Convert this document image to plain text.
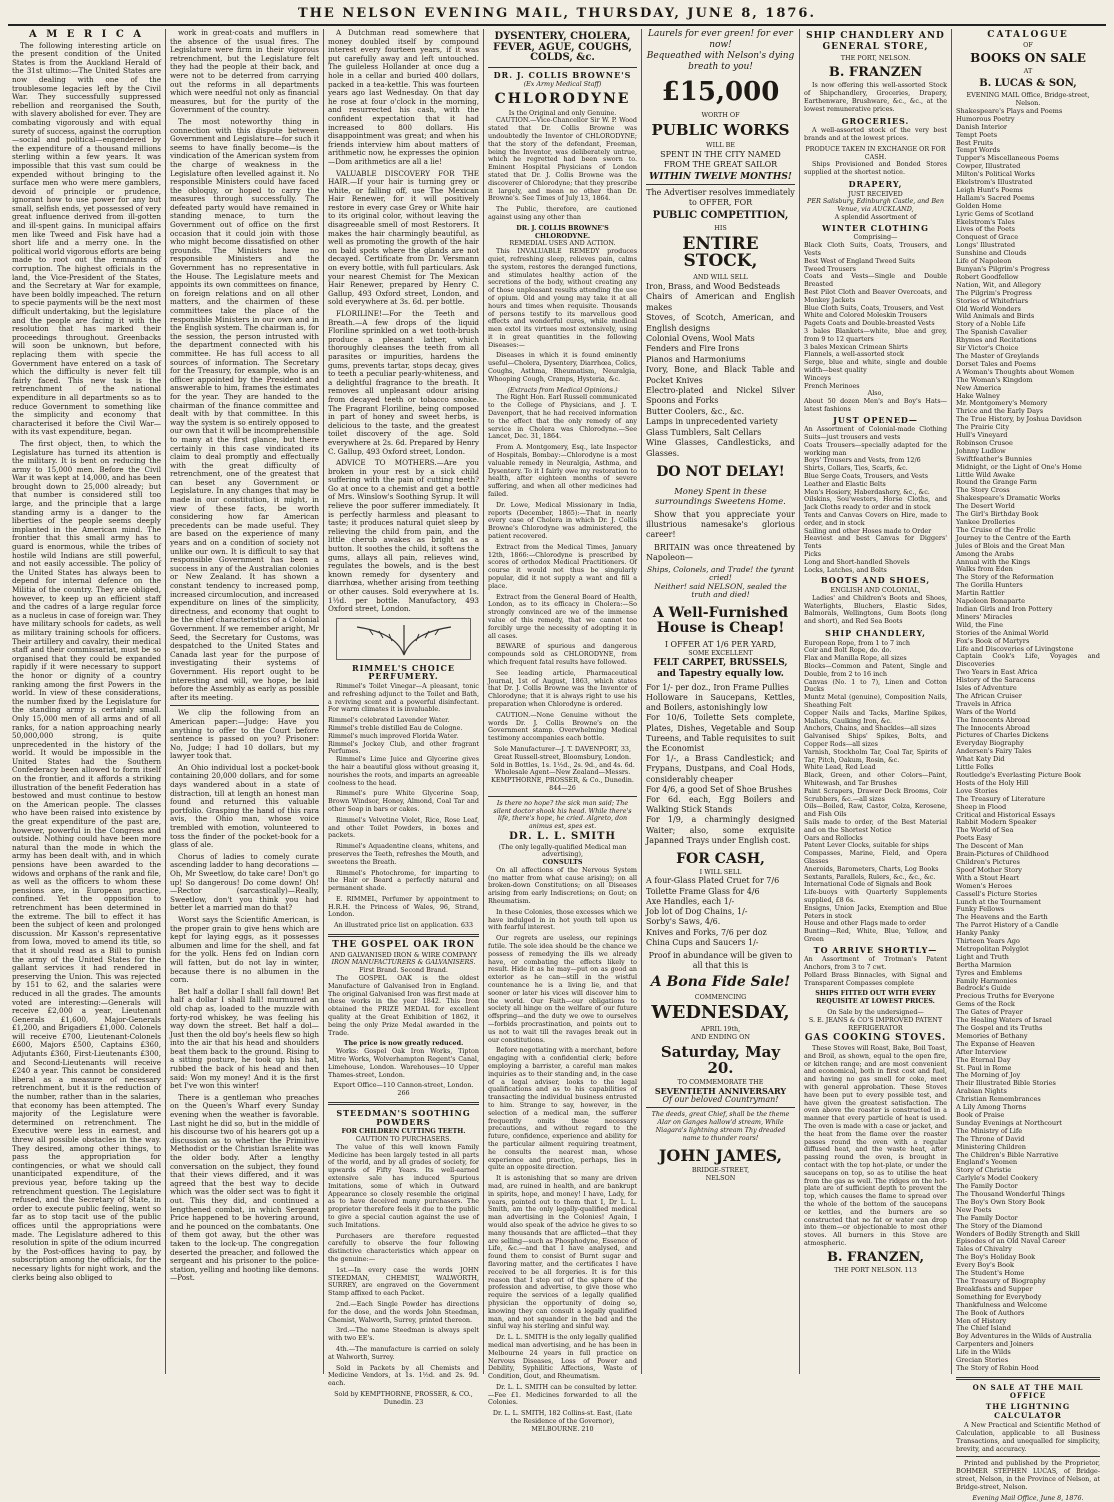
THE NELSON EVENING MAIL, THURSDAY, JUNE 8, 1876.
A M E R I C A
The following interesting article on the present condition of the United States is from the Auckland Herald of the 31st ultimo:—The United States are now dealing with one of the troublesome legacies left by the Civil War. They successfully suppressed rebellion and reorganised the South, with slavery abolished for ever. They are combating vigorously and with equal surety of success, against the corruption—social and political—engendered by the expenditure of a thousand millions sterling within a few years. It was impossible that this vast sum could be expended without bringing to the surface men who were mere gamblers, devoid of principle or prudence, ignorant how to use power for any but small, selfish ends, yet possessed of very great influence derived from ill-gotten and ill-spent gains. In municipal affairs men like Tweed and Fisk have had a short life and a merry one. In the political world vigorous efforts are being made to root out the remnants of corruption. The highest officials in the land, the Vice-President of the States, and the Secretary at War for example, have been boldly impeached. The return to specie payments will be the next most difficult undertaking, but the legislature and the people are facing it with the resolution that has marked their proceedings throughout. Greenbacks will soon be unknown, but before, replacing them with specie the Government have entered on a task of which the difficulty is never felt till fairly faced. This new task is the retrenchment of the national expenditure in all departments so as to reduce Government to something like the simplicity and economy that characterised it before the Civil War—with its vast expenditure, began.
The first object, then, to which the Legislature has turned its attention is the military. It is bent on reducing the army to 15,000 men. Before the Civil War it was kept at 14,000, and has been brought down to 25,000 already; but that number is considered still too large, and the principle that a large standing army is a danger to the liberties of the people seems deeply implanted in the American mind. The frontier that this small army has to guard is enormous, while the tribes of hostile wild Indians are still powerful, and not easily accessible. The policy of the United States has always been to depend for internal defence on the Militia of the country. They are obliged, however, to keep up an efficient staff and the cadres of a large regular force as a nucleus in case of foreign war. They have military schools for cadets, as well as military training schools for officers. Their artillery and cavalry, their medical staff and their commissariat, must be so organised that they could be expanded rapidly if it were necessary to support the honor or dignity of a country ranking among the first Powers in the world. In view of these considerations, the number fixed by the Legislature for the standing army is certainly small. Only 15,000 men of all arms and of all ranks, for a nation approaching nearly 50,000,000 strong, is quite unprecedented in the history of the world. It would be impossible in the United States had the Southern Confederacy been allowed to form itself on the frontier, and it affords a striking illustration of the benefit Federation has bestowed and must continue to bestow on the American people. The classes who have been raised into existence by the great expenditure of the past are, however, powerful in the Congress and outside. Nothing could have been more natural than the mode in which the army has been dealt with, and in which pensions have been awarded to the widows and orphans of the rank and file, as well as the officers to whom these pensions are, in European practice, confined. Yet the opposition to retrenchment has been determined in the extreme. The bill to effect it has been the subject of keen and prolonged discussion. Mr Kasson's representative from Iowa, moved to amend its title, so that it should read as a Bill to punish the army of the United States for the gallant services it had rendered in preserving the Union. This was rejected by 151 to 62, and the salaries were reduced in all the grades. The amounts voted are interesting:—Generals will receive £2,000 a year, Lieutenant Generals £1,600, Major-Generals £1,200, and Brigadiers £1,000. Colonels will receive £700, Lieutenant-Colonels £600, Majors £500, Captains £360, Adjutants £360, First-Lieutenants £300, and Second-Lieutenants will receive £240 a year. This cannot be considered liberal as a measure of necessary retrenchment, but it is the reduction of the number, rather than in the salaries, that economy has been attempted. The majority of the Legislature were determined on retrenchment. The Executive were less in earnest, and threw all possible obstacles in the way. They desired, among other things, to pass the appropriation for contingencies, or what we should call unanticipated expenditure, of the previous year, before taking up the retrenchment question. The Legislature refused, and the Secretary of State, in order to execute public feeling, went so far as to stop tacit use of the public offices until the appropriations were made. The Legislature adhered to this resolution in spite of the odium incurred by the Post-offices having to pay, by subscription among the officials, for the necessary lights for night work, and the clerks being also obliged to
work in great-coats and mufflers in the absence of the usual fires. The Legislature were firm in their vigorous retrenchment, but the Legislature felt they had the people at their back, and were not to be deterred from carrying out the reforms in all departments which were needful not only as financial measures, but for the purity of the Government of the country.
The most noteworthy thing in connection with this dispute between Government and Legislature—for such it seems to have finally become—is the vindication of the American system from the charge of weakness in the Legislature often levelled against it. No responsible Ministers could have faced the obloquy, or hoped to carry the measures through successfully. The defeated party would have remained in standing menace, to turn the Government out of office on the first occasion that it could join with those who might become dissatisfied on other grounds. The Ministers have no responsible Ministers and the Government has no representative in the House. The Legislature meets and appoints its own committees on finance, on foreign relations and on all other matters, and the chairmen of these committees take the place of the responsible Ministers in our own and in the English system. The chairman is, for the session, the person intrusted with the department connected with his committee. He has full access to all sources of information. The Secretary for the Treasury, for example, who is an officer appointed by the President and answerable to him, frames the estimates for the year. They are handed to the chairman of the finance committee and dealt with by that committee. In this way the system is so entirely opposed to our own that it will be incomprehensible to many at the first glance, but there certainly in this case vindicated its claim to deal promptly and effectually with the great difficulty of retrenchment, one of the greatest that can beset any Government or Legislature. In any changes that may be made in our constitution, it might, in view of these facts, be worth considering how far American precedents can be made useful. They are based on the experience of many years and on a condition of society not unlike our own. It is difficult to say that responsible Government has been a success in any of the Australian colonies or New Zealand. It has shown a constant tendency to increased pomp, increased circumlocution, and increased expenditure on lines of the simplicity, directness, and economy that ought to be the chief characteristics of a Colonial Government. If we remember aright, Mr Seed, the Secretary for Customs, was despatched to the United States and Canada last year for the purpose of investigating their systems of Government. His report ought to be interesting and will, we hope, be laid before the Assembly as early as possible after its meeting.
We clip the following from an American paper:—Judge: Have you anything to offer to the Court before sentence is passed on you? Prisoner: No, Judge; I had 10 dollars, but my lawyer took that.
An Ohio individual lost a pocket-book containing 20,000 dollars, and for some days wandered about in a state of distraction, till at length an honest man found and returned this valuable portfolio. Grasping the hand of this rara avis, the Ohio man, whose voice trembled with emotion, volunteered to toss the finder of the pocket-book for a glass of ale.
Chorus of ladies to comely curate ascending ladder to hang decorations —Oh, Mr Sweetlow, do take care! Don't go up! So dangerous! Do come down! Oh!—Rector (sarcastically)—Really, Sweetlow, don't you think you had better let a married man do that?
Worst says the Scientific American, is the proper grain to give hens which are kept for laying eggs, as it possesses albumen and lime for the shell, and fat for the yolk. Hens fed on Indian corn will fatten, but do not lay in winter, because there is no albumen in the corn.
Bet half a dollar I shall fall down! Bet half a dollar I shall fall! murmured an old chap as, loaded to the muzzle with forty-rod whiskey, he was feeling his way down the street. Bet half a dol— Just then the old boy's heels flew so high into the air that his head and shoulders beat them back to the ground. Rising to a sitting posture, he took up his hat, rubbed the back of his head and then said: Won my money! And it is the first bet I've won this winter!
There is a gentleman who preaches on the Queen's Wharf every Sunday evening when the weather is favorable. Last night he did so, but in the middle of his discourse two of his hearers got up a discussion as to whether the Primitive Methodist or the Christian Israelite was the older body. After a lengthy conversation on the subject, they found that their views differed, and it was agreed that the best way to decide which was the older sect was to fight it out. This they did, and continued a lengthened combat, in which Sergeant Price happened to be hovering around, and he pounced on the combatants. One of them got away, but the other was taken to the lock-up. The congregation deserted the preacher, and followed the sergeant and his prisoner to the police-station, yelling and hooting like demons.—Post.
A Dutchman read somewhere that money doubled itself by compound interest every fourteen years, if it was put carefully away and left untouched. The guileless Hollander at once dug a hole in a cellar and buried 400 dollars, packed in a tea-kettle. This was fourteen years ago last Wednesday. On that day he rose at four o'clock in the morning, and resurrected his cash, with the confident expectation that it had increased to 800 dollars. His disappointment was great; and when his friends interview him about matters of arithmetic now, he expresses the opinion—Dom arithmetics are all a lie!
VALUABLE DISCOVERY FOR THE HAIR.—If your hair is turning grey or white, or falling off, use The Mexican Hair Renewer, for it will positively restore in every case Grey or White hair to its original color, without leaving the disagreeable smell of most Restorers. It makes the hair charmingly beautiful, as well as promoting the growth of the hair on bald spots where the glands are not decayed. Certificate from Dr. Versmann on every bottle, with full particulars. Ask your nearest Chemist for The Mexican Hair Renewer, prepared by Henry C. Gallup, 493 Oxford street, London, and sold everywhere at 3s. 6d. per bottle.
FLORILINE!—For the Teeth and Breath.—A few drops of the liquid Floriline sprinkled on a wet tooth-brush produce a pleasant lather, which thoroughly cleanses the teeth from all parasites or impurities, hardens the gums, prevents tartar, stops decay, gives to teeth a peculiar pearly-whiteness, and a delightful fragrance to the breath. It removes all unpleasant odour arising from decayed teeth or tobacco smoke. The Fragrant Floriline, being composed in part of honey and sweet herbs, is delicious to the taste, and the greatest toilet discovery of the age. Sold everywhere at 2s. 6d. Prepared by Henry C. Gallup, 493 Oxford street, London.
ADVICE TO MOTHERS.—Are you broken in your rest by a sick child suffering with the pain of cutting teeth? Go at once to a chemist and get a bottle of Mrs. Winslow's Soothing Syrup. It will relieve the poor sufferer immediately. It is perfectly harmless and pleasant to taste; it produces natural quiet sleep by relieving the child from pain, and the little cherub awakes as bright as a button. It soothes the child, it softens the gums, allays all pain, relieves wind, regulates the bowels, and is the best known remedy for dysentery and diarrhœa, whether arising from teething or other causes. Sold everywhere at 1s. 1½d. per bottle. Manufactory, 493 Oxford street, London.
RIMMEL'S CHOICE PERFUMERY.
Rimmel's Toilet Vinegar—A pleasant, tonic and refreshing adjunct to the Toilet and Bath, a reviving scent and a powerful disinfectant. For warm climates it is invaluable.
Rimmel's celebrated Lavender Water.
Rimmel's treble distilled Eau de Cologne.
Rimmel's much improved Florida Water.
Rimmel's Jockey Club, and other fragrant Perfumes.
Rimmel's Lime Juice and Glycerine gives the hair a beautiful gloss without greasing it, nourishes the roots, and imparts an agreeable coolness to the head.
Rimmel's pure White Glycerine Soap, Brown Windsor, Honey, Almond, Coal Tar and other Soap in bars or cakes.
Rimmel's Velvetine Violet, Rice, Rose Leaf, and other Toilet Powders, in boxes and packets.
Rimmel's Aquadentine cleans, whitens, and preserves the Teeth, refreshes the Mouth, and sweetens the Breath.
Rimmel's Photochrome, for imparting to the Hair or Beard a perfectly natural and permanent shade.
E. RIMMEL, Perfumer by appointment to H.R.H. the Princess of Wales, 96, Strand, London.
An illustrated price list on application. 633
THE GOSPEL OAK IRON
AND GALVANISED IRON & WIRE COMPANY
IRON MANUFACTURERS & GALVANISERS.
First Brand. Second Brand.
The GOSPEL OAK is the oldest Manufacture of Galvanised Iron in England. The original Galvanised Iron was first made at these works in the year 1842. This Iron obtained the PRIZE MEDAL for excellent quality at the Great Exhibition of 1862, it being the only Prize Medal awarded in the Trade.
The price is now greatly reduced.
Works: Gospel Oak Iron Works, Tipton Mitre Works, Wolverhampton Regent's Canal, Limehouse, London. Warehouses—10 Upper Thames-street, London.
Export Office—110 Cannon-street, London. 266
STEEDMAN'S SOOTHING POWDERS
FOR CHILDREN CUTTING TEETH.
CAUTION TO PURCHASERS.
The value of this well known Family Medicine has been largely tested in all parts of the world, and by all grades of society, for upwards of Fifty Years. Its well-earned extensive sale has induced Spurious Imitations, some of which in Outward Appearance so closely resemble the original as to have deceived many purchasers. The proprietor therefore feels it due to the public to give a special caution against the use of such Imitations.
Purchasers are therefore requested carefully to observe the four following distinctive characteristics which appear on the genuine:—
1st.—In every case the words JOHN STEEDMAN, CHEMIST, WALWORTH, SURREY, are engraved on the Government Stamp affixed to each Packet.
2nd.—Each Single Powder has directions for the dose, and the words John Steedman, Chemist, Walworth, Surrey, printed thereon.
3rd.—The name Steedman is always spelt with two EE's.
4th.—The manufacture is carried on solely at Walworth, Surrey.
Sold in Packets by all Chemists and Medicine Vendors, at 1s. 1½d. and 2s. 9d. each.
Sold by KEMPTHORNE, PROSSER, & CO., Dunedin. 23
DYSENTERY, CHOLERA, FEVER, AGUE, COUGHS, COLDS, &c.
DR. J. COLLIS BROWNE'S
(Ex Army Medical Staff)
CHLORODYNE
Is the Original and only Genuine.
CAUTION.—Vice-Chancellor Sir W. P. Wood stated that Dr. Collis Browne was undoubtedly the Inventor of CHLORODYNE; that the story of the defendant, Freeman, being the Inventor, was deliberately untrue, which he regretted had been sworn to. Eminent Hospital Physicians of London stated that Dr. J. Collis Browne was the discoverer of Chlorodyne; that they prescribe it largely, and mean no other than Dr. Browne's. See Times of July 13, 1864.
The Public, therefore, are cautioned against using any other than
DR. J. COLLIS BROWNE'S CHLORODYNE.
REMEDIAL USES AND ACTION.
This INVALUABLE REMEDY produces quiet, refreshing sleep, relieves pain, calms the system, restores the deranged functions, and stimulates healthy action of the secretions of the body, without creating any of those unpleasant results attending the use of opium. Old and young may take it at all hours and times when requisite. Thousands of persons testify to its marvellous good effects and wonderful cures, while medical men extol its virtues most extensively, using it in great quantities in the following Diseases:—
Diseases in which it is found eminently useful—Cholera, Dysentery, Diarrhœa, Colics, Coughs, Asthma, Rheumatism, Neuralgia, Whooping Cough, Cramps, Hysteria, &c.
(Extracts from Medical Opinions.)
The Right Hon. Earl Russell communicated to the College of Physicians, and J. T. Davenport, that he had received information to the effect that the only remedy of any service in Cholera was Chlorodyne.—See Lancet, Dec. 31, 1864.
From A. Montgomery, Esq., late Inspector of Hospitals, Bombay:—Chlorodyne is a most valuable remedy in Neuralgia, Asthma, and Dysentery. To it I fairly owe my restoration to health, after eighteen months of severe suffering, and when all other medicines had failed.
Dr. Lowe, Medical Missionary in India, reports (December, 1865):—That in nearly every case of Cholera in which Dr. J. Collis Browne's Chlorodyne was administered, the patient recovered.
Extract from the Medical Times, January 12th, 1866:—Chlorodyne is prescribed by scores of orthodox Medical Practitioners. Of course it would not thus be singularly popular, did it not supply a want and fill a place.
Extract from the General Board of Health, London, as to its efficacy in Cholera:—So strongly convinced are we of the immense value of this remedy, that we cannot too forcibly urge the necessity of adopting it in all cases.
BEWARE of spurious and dangerous compounds sold as CHLORODYNE, from which frequent fatal results have followed.
See leading article, Pharmaceutical Journal, 1st of August, 1863, which states that Dr. J. Collis Browne was the Inventor of Chlorodyne; that it is always right to use his preparation when Chlorodyne is ordered.
CAUTION.—None Genuine without the words Dr. J. Collis Browne's on the Government stamp. Overwhelming Medical testimony accompanies each bottle.
Sole Manufacturer—J. T. DAVENPORT, 33, Great Russell-street, Bloomsbury, London.
Sold in Bottles, 1s. 1½d., 2s. 9d., and 4s. 6d.
Wholesale Agent—New Zealand—Messrs. KEMPTHORNE, PROSSER, & Co., Dunedin. 844—26
Is there no hope? the sick man said; The silent doctor shook his head. While there's life, there's hope, he cried. Algreto, don animus est, spes est.
DR. L. L. SMITH
(The only legally-qualified Medical man advertising),
CONSULTS
On all affections of the Nervous System (no matter from what cause arising); on all broken-down Constitutions; on all Diseases arising from early Indiscretions; on Gout; on Rheumatism.
In these Colonies, those excesses which we have indulged in in hot youth tell upon us with fearful interest.
Our regrets are useless, our repinings futile. The sole idea should be the chance we possess of remedying the ills we already have, or combating the effects likely to result. Hide it as he may—put on as good an exterior as he can—still in the wistful countenance he is a living lie, and that sooner or later his vices will discover him to the world. Our Faith—our obligations to society all hinge on the welfare of our future offspring—and the duty we owe to ourselves—forbids procrastination, and points out to us not to wait till the ravages break out in our constitutions.
Before negotiating with a merchant, before engaging with a confidential clerk; before employing a barrister, a careful man makes inquiries as to their standing and, in the case of a legal adviser, looks to the legal qualifications and as to his capabilities of transacting the individual business entrusted to him. Strange to say, however, in the selection of a medical man, the sufferer frequently omits these necessary precautions, and without regard to the future, confidence, experience and ability for the particular ailment requiring treatment, he consults the nearest man, whose experience and practice, perhaps, lies in quite an opposite direction.
It is astonishing that so many are driven mad, are ruined in health, and are bankrupt in spirits, hope, and money! I have, Lady, for years, pointed out to them that I, Dr L. L. Smith, am the only legally-qualified medical man advertising in the Colonies! Again, I would also speak of the advice he gives to so many thousands that are afflicted—that they are selling—such as Phosphodyne, Essence of Life, &c.—and that I have analysed, and found them to consist of Burnt sugar and flavoring matter, and the certificates I have received to be all forgeries. It is for this reason that I step out of the sphere of the profession and advertise, to give those who require the services of a legally qualified physician the opportunity of doing so, knowing they can consult a legally qualified man, and not squander in the bad and the sinful way his sterling and sinful way.
Dr. L. L. SMITH is the only legally qualified medical man advertising, and he has been in Melbourne 24 years in full practice on Nervous Diseases, Loss of Power and Debility, Syphilitic Affections, Waste of Condition, Gout, and Rheumatism.
Dr. L. L. SMITH can be consulted by letter.—Fee £1. Medicines forwarded to all the Colonies.
Dr. L. L. SMITH, 182 Collins-st. East, (Late the Residence of the Governor), MELBOURNE. 210
Laurels for ever green! for ever now!
Bequeathed with Nelson's dying breath to you!
£15,000
WORTH OF
PUBLIC WORKS
WILL BE
SPENT IN THE CITY NAMED FROM THE GREAT SAILOR
WITHIN TWELVE MONTHS!
The Advertiser resolves immediately to OFFER, FOR
PUBLIC COMPETITION,
HIS
ENTIRE STOCK,
AND WILL SELL
Iron, Brass, and Wood Bedsteads
Chairs of American and English makes
Stoves, of Scotch, American, and English designs
Colonial Ovens, Wool Mats
Fenders and Fire Irons
Pianos and Harmoniums
Ivory, Bone, and Black Table and Pocket Knives
Electro-plated and Nickel Silver Spoons and Forks
Butter Coolers, &c., &c.
Lamps in unprecedented variety
Glass Tumblers, Salt Cellars
Wine Glasses, Candlesticks, and Glasses.
DO NOT DELAY!
Money Spent in these surroundings Sweetens Home.
Show that you appreciate your illustrious namesake's glorious career!
BRITAIN was once threatened by Napoleon—
Ships, Colonels, and Trade! the tyrant cried!
Neither! said NELSON, sealed the truth and died!
A Well-Furnished House is Cheap!
I OFFER AT 1/6 PER YARD,
SOME EXCELLENT
FELT CARPET, BRUSSELS, and Tapestry equally low.
For 1/- per doz., Iron Frame Pullies
Holloware in Saucepans, Kettles, and Boilers, astonishingly low
For 10/6, Toilette Sets complete, Plates, Dishes, Vegetable and Soup Tureens, and Table requisites to suit the Economist
For 1/-, a Brass Candlestick; and Frypans, Dustpans, and Coal Hods, considerably cheaper
For 4/6, a good Set of Shoe Brushes
For 6d. each, Egg Boilers and Walking Stick Stands
For 1/9, a charmingly designed Waiter; also, some exquisite Japanned Trays under English cost.
FOR CASH,
I WILL SELL
A four-Glass Plated Cruet for 7/6
Toilette Frame Glass for 4/6
Axe Handles, each 1/-
Job lot of Dog Chains, 1/-
Sorby's Saws, 4/6.
Knives and Forks, 7/6 per doz
China Cups and Saucers 1/-
Proof in abundance will be given to all that this is
A Bona Fide Sale!
COMMENCING
WEDNESDAY,
APRIL 19th,
AND ENDING ON
Saturday, May 20.
TO COMMEMORATE THE
SEVENTIETH ANNIVERSARY
Of our beloved Countryman!
The deeds, great Chief, shall be the theme Alar on Ganges hallow'd stream, While Niagara's lightning stream Thy dreaded name to thunder roars!
JOHN JAMES,
BRIDGE-STREET,
NELSON
SHIP CHANDLERY AND GENERAL STORE,
THE PORT, NELSON.
B. FRANZEN
Is now offering this well-assorted Stock of Shipchandlery, Groceries, Drapery, Earthenware, Brushware, &c., &c., at the lowest remunerative prices.
GROCERIES.
A well-assorted stock of the very best brands and at the lowest prices.
PRODUCE TAKEN IN EXCHANGE OR FOR CASH.
Ships Provisioned and Bonded Stores supplied at the shortest notice.
DRAPERY,
JUST RECEIVED
PER Salisbury, Edinburgh Castle, and Ben Venue, via AUCKLAND,
A splendid Assortment of
WINTER CLOTHING
Comprising—
Black Cloth Suits, Coats, Trousers, and Vests
Best West of England Tweed Suits
Tweed Trousers
Coats and Vests—Single and Double Breasted
Best Pilot Cloth and Beaver Overcoats, and Monkey Jackets
Blue Cloth Suits, Coats, Trousers, and Vest
White and Colored Moleskin Trousers
Pagets Coats and Double-breasted Vests
3 bales Blankets—white, blue and grey, from 9 to 12 quarters
3 bales Mexican Crimean Shirts
Flannels, a well-assorted stock
Serge, blue and white, single and double width—best quality
Winceys
French Merinoes
Also,
About 50 dozen Men's and Boy's Hats—latest fashions
JUST OPENED—
An Assortment of Colonial-made Clothing Suits—just trousers and vests
Coats Trousers—specially adapted for the working man
Boys' Trousers and Vests, from 12/6
Shirts, Collars, Ties, Scarfs, &c.
Blue Serge Coats, Trousers, and Vests
Leather and Elastic Belts
Men's Hosiery, Haberdashery, &c., &c.
Oilskins, Sou'westers, Horse Cloths, and Jack Cloths ready to order and in stock
Tents and Canvas Covers on Hire, made to order, and in stock
Sailing and other Hoses made to Order
Heaviest and best Canvas for Diggers' Tents
Picks
Long and Short-handled Shovels
Locks, Latches, and Bolts
BOOTS AND SHOES,
ENGLISH AND COLONIAL,
Ladies' and Children's Boots and Shoes, Waterlights, Bluchers, Elastic Sides, Balmorals, Wellingtons, Gum Boots (long and short), and Red Sea Boots
SHIP CHANDLERY,
European Rope, from 1 to 7 inch
Coir and Bolt Rope, do. do.
Flax and Manilla Rope, all sizes
Blocks—Common and Patent, Single and Double, from 2 to 16 inch
Canvas (No. 1 to 7), Linen and Cotton Ducks
Muntz Metal (genuine), Composition Nails, Sheathing Felt
Copper Nails and Tacks, Marline Spikes, Mallets, Caulking Iron, &c.
Anchors, Chains, and Shackles—all sizes
Galvanised Ships' Spikes, Bolts, and Copper Rods—all sizes
Varnish, Stockholm Tar, Coal Tar, Spirits of Tar, Pitch, Oakum, Rosin, &c.
White Lead, Red Lead
Black, Green, and other Colors—Paint, Whitewash, and Tar Brushes
Paint Scrapers, Drawer Deck Brooms, Coir Scrubbers, &c.—all sizes
Oils—Boiled, Raw, Castor, Colza, Kerosene, and Fish Oils
Sails made to order, of the Best Material and on the Shortest Notice
Oars and Rollocks
Patent Lever Clocks, suitable for ships
Compasses, Marine, Field, and Opera Glasses
Aneroids, Barometers, Charts, Log Books
Sextants, Parallels, Rulers, &c., &c., &c.
International Code of Signals and Book
Life-buoys with Quarterly Supplements supplied, £8 6s.
Ensigns, Union Jacks, Exemption and Blue Peters in stock
House and other Flags made to order
Bunting—Red, White, Blue, Yellow, and Green
TO ARRIVE SHORTLY—
An Assortment of Trotman's Patent Anchors, from 3 to 7 cwt.
Pollard Brass Binnacles, with Signal and Transparent Compasses complete
SHIPS FITTED OUT WITH EVERY REQUISITE AT LOWEST PRICES.
On Sale by the undersigned—
S. E. JEANS & CO'S IMPROVED PATENT REFRIGERATOR
GAS COOKING STOVES.
These Stoves will Roast, Bake, Boil Toast, and Broil, as shown, equal to the open fire, or kitchen range; and are most convenient and economical, both in first cost and fuel, and having no gas smell for coke, meet with general approbation. These Stoves have been put to every possible test, and have given the greatest satisfaction. The oven above the roaster is constructed in a manner that every particle of heat is used. The oven is made with a case or jacket, and the heat from the flame over the roaster passes round the oven with a regular diffused heat, and the waste heat, after passing round the oven, is brought in contact with the top hot-plate, or under the saucepans on top, so as to utilise the heat from the gas as well. The ridges on the hot-plate are of sufficient depth to prevent the top, which causes the flame to spread over the whole of the bottom of the saucepans or kettles, and the burners are so constructed that no fat or water can drop into them—or objectionable to most other stoves. All burners in this Stove are atmospheric.
B. FRANZEN,
THE PORT NELSON. 113
CATALOGUE
OF
BOOKS ON SALE
AT
B. LUCAS & SON,
EVENING MAIL Office, Bridge-street, Nelson.
Shakespeare's Plays and Poems
Humorous Poetry
Danish Interior
Tempt Poets
Best Fruits
Tempt Words
Tupper's Miscellaneous Poems
Cowper, Illustrated
Milton's Political Works
Ekelstrom's Illustrated
Leigh Hunt's Poems
Hallam's Sacred Poems
Golden Home
Lyric Gems of Scotland
Ekelstrom's Tales
Lives of the Poets
Conquest of Grace
Longs' Illustrated
Sunshine and Clouds
Life of Napoleon
Bunyan's Pilgrim's Progress
Robert Goodfellow
Nation, Wit, and Allegory
The Pilgrim's Progress
Stories of Whitefriars
Old World Wonders
Wild Animals and Birds
Story of a Noble Life
The Spanish Cavalier
Rhymes and Recitations
Sir Victor's Choice
The Master of Greylands
Dorset Tales and Poems
A Woman's Thoughts about Women
The Woman's Kingdom
New America
Hake Walney
Mr. Montgomery's Memory
Thrice and the Early Days
The True History, by Joshua Davidson
The Prairie City
Hull's Vineyard
Robinson Crusoe
Johnny Ludlow
Swiftfeather's Bunnies
Midnight, or the Light of One's Home
Little Wild Awake
Round the Grange Farm
The Story Cross
Shakespeare's Dramatic Works
The Desert World
The Girl's Birthday Book
Yankee Drolleries
The Cruise of the Frolic
Journey to the Centre of the Earth
Jules of Blois and the Great Man
Among the Arabs
Annual with the Kings
Walks from Eden
The Story of the Reformation
The Gorilla Hunters
Martin Rattler
Napoleon Bonaparte
Indian Girls and Iron Pottery
Miners' Miracles
Wild, the Fine
Stories of the Animal World
Fox's Book of Martyrs
Life and Discoveries of Livingstone
Captain Cook's Life, Voyages and Discoveries
Two Years in East Africa
History of the Saracens
Isles of Adventure
The African Cruiser
Travels in Africa
Wars of the World
The Innocents Abroad
The Innocents Abroad
Pictures of Charles Dickens
Everyday Biography
Andersen's Fairy Tales
What Katy Did
Little Folks
Routledge's Everlasting Picture Book
Hosts of the Holy Hill
Love Stories
The Treasury of Literature
Sheep in Flood
Critical and Historical Essays
Rabbit Modern Speaker
The World of Sea
Poets Easy
The Descent of Man
Brain-Pictures of Childhood
Children's Pictures
Spoof Mother Story
With a Stout Heart
Women's Heroes
Cassell's Picture Stories
Lunch at the Tournament
Funky Fellows
The Heavens and the Earth
The Parrot History of a Candle
Hanky Panky
Thirteen Years Ago
Metropolitan Polyglot
Light and Truth
Bertha Marmion
Tyres and Emblems
Family Harmonies
Bedrock's Guide
Precious Truths for Everyone
Gems of the Rock
The Gates of Prayer
The Healing Waters of Israel
The Gospel and its Truths
Memories of Bethany
The Expanse of Heaven
After Interview
The Eternal Day
St. Paul in Rome
The Morning of Joy
Their Illustrated Bible Stories
Arabian Nights
Christian Remembrances
A Lily Among Thorns
Book of Praise
Sunday Evenings at Northcourt
The Ministry of Life
The Throne of David
Ministering Children
The Children's Bible Narrative
England's Yeomen
Story of Christie
Carlyle's Model Cookery
The Family Doctor
The Thousand Wonderful Things
The Boy's Own Story Book
New Poets
The Family Doctor
The Story of the Diamond
Wonders of Bodily Strength and Skill
Episodes of an Old Naval Career
Tales of Chivalry
The Boy's Holiday Book
Every Boy's Book
The Student's Home
The Treasury of Biography
Breakfasts and Supper
Something for Everybody
Thankfulness and Welcome
The Book of Authors
Men of History
The Chief Island
Boy Adventures in the Wilds of Australia
Carpenters and Joiners
Life in the Wilds
Grecian Stories
The Story of Robin Hood
ON SALE AT THE MAIL OFFICE
THE LIGHTNING CALCULATOR
A New Practical and Scientific Method of Calculation, applicable to all Business Transactions, and unequalled for simplicity, brevity, and accuracy.
Printed and published by the Proprietor, BOHMER STEPHEN LUCAS, of Bridge-street, Nelson, in the Province of Nelson, at Bridge-street, Nelson.
Evening Mail Office, June 8, 1876.
